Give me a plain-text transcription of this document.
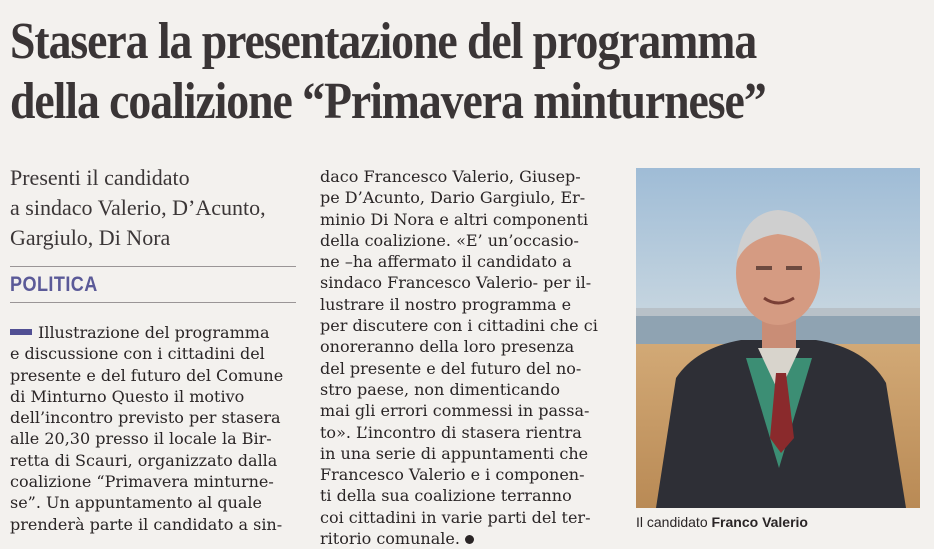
Stasera la presentazione del programma
della coalizione “Primavera minturnese”
Presenti il candidato
a sindaco Valerio, D’Acunto,
Gargiulo, Di Nora
POLITICA
Illustrazione del programma
e discussione con i cittadini del
presente e del futuro del Comune
di Minturno Questo il motivo
dell’incontro previsto per stasera
alle 20,30 presso il locale la Bir-
retta di Scauri, organizzato dalla
coalizione “Primavera minturne-
se”. Un appuntamento al quale
prenderà parte il candidato a sin-
daco Francesco Valerio, Giusep-
pe D’Acunto, Dario Gargiulo, Er-
minio Di Nora e altri componenti
della coalizione. «E’ un’occasio-
ne –ha affermato il candidato a
sindaco Francesco Valerio- per il-
lustrare il nostro programma e
per discutere con i cittadini che ci
onoreranno della loro presenza
del presente e del futuro del no-
stro paese, non dimenticando
mai gli errori commessi in passa-
to». L’incontro di stasera rientra
in una serie di appuntamenti che
Francesco Valerio e i componen-
ti della sua coalizione terranno
coi cittadini in varie parti del ter-
ritorio comunale.
Il candidato Franco Valerio
